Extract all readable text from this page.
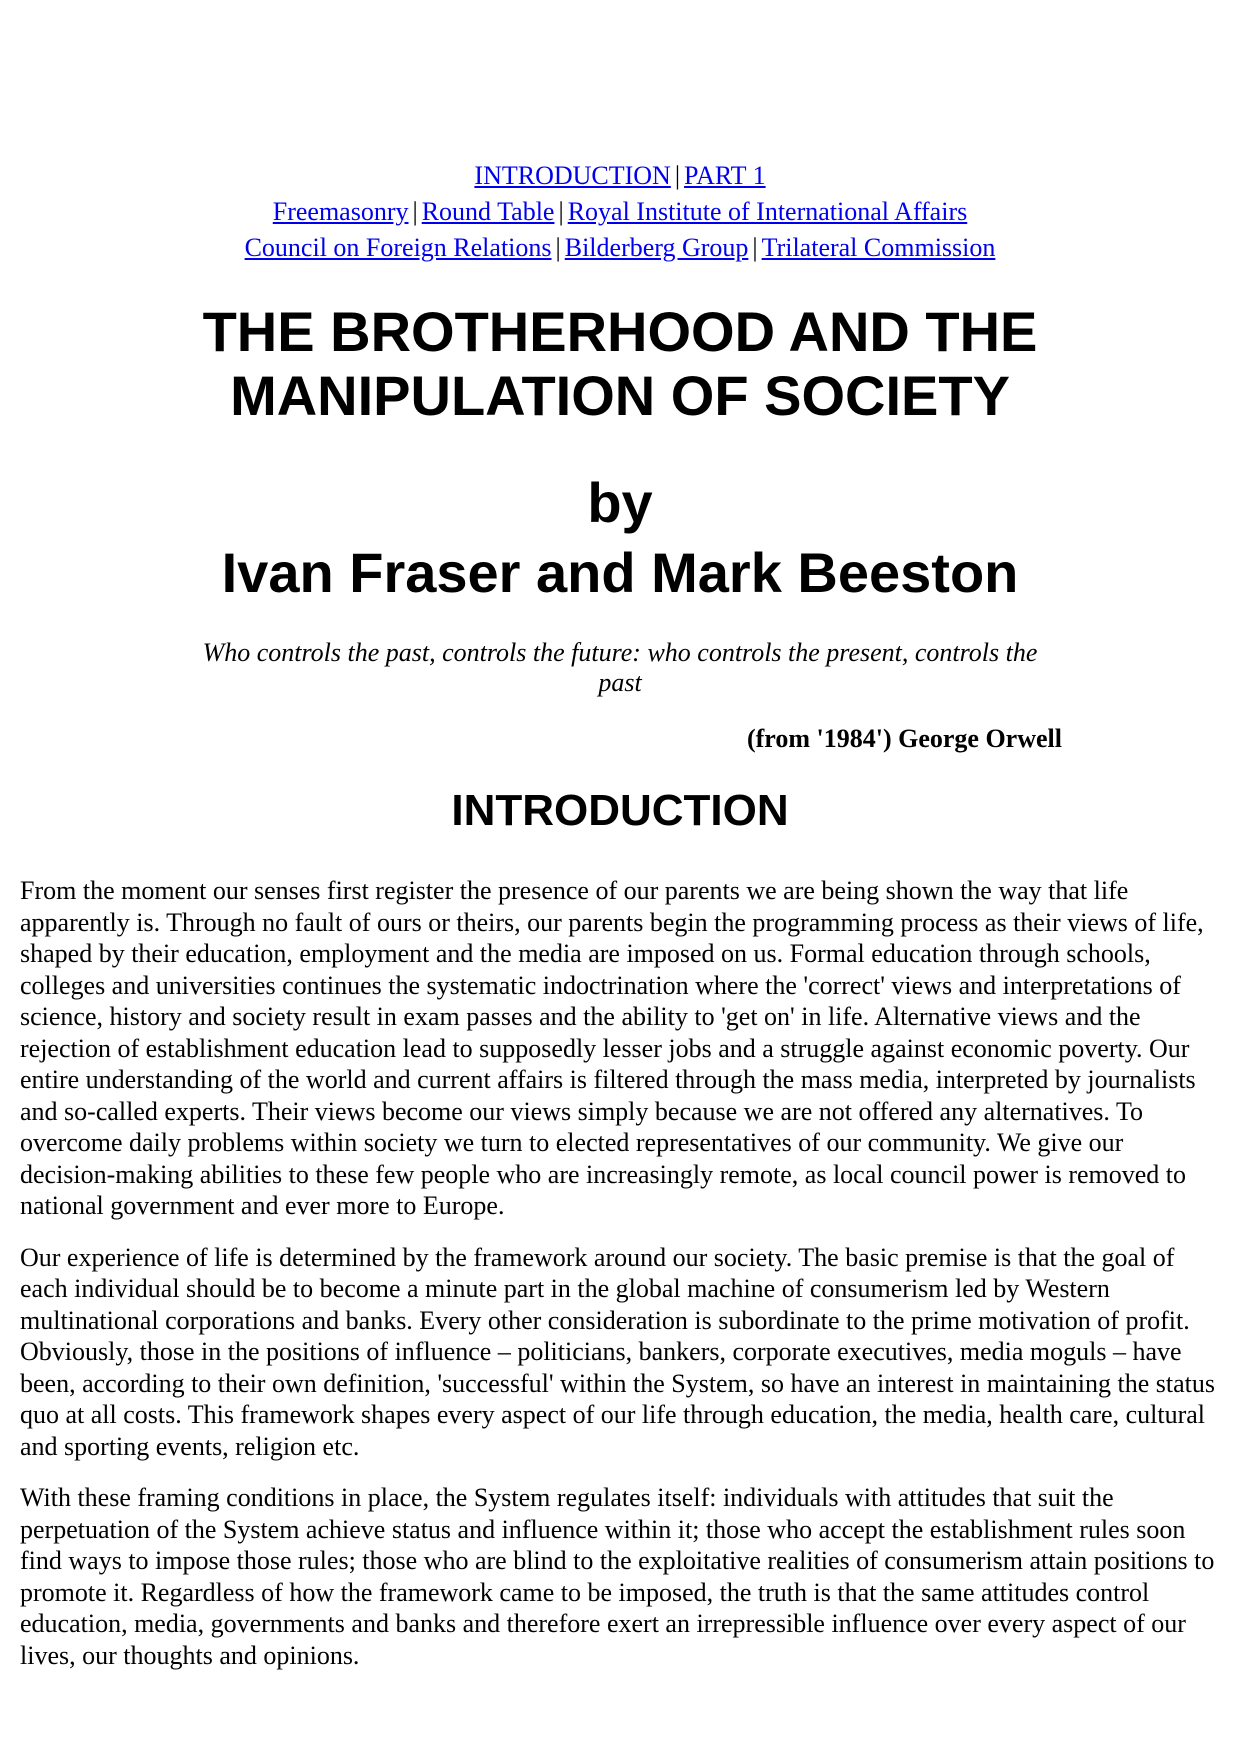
INTRODUCTION | PART 1
Freemasonry | Round Table | Royal Institute of International Affairs
Council on Foreign Relations | Bilderberg Group | Trilateral Commission
THE BROTHERHOOD AND THE
MANIPULATION OF SOCIETY
by
Ivan Fraser and Mark Beeston

Who controls the past, controls the future: who controls the present, controls the past

(from '1984') George Orwell
INTRODUCTION

From the moment our senses first register the presence of our parents we are being shown the way that life apparently is. Through no fault of ours or theirs, our parents begin the programming process as their views of life, shaped by their education, employment and the media are imposed on us. Formal education through schools, colleges and universities continues the systematic indoctrination where the 'correct' views and interpretations of science, history and society result in exam passes and the ability to 'get on' in life. Alternative views and the rejection of establishment education lead to supposedly lesser jobs and a struggle against economic poverty. Our entire understanding of the world and current affairs is filtered through the mass media, interpreted by journalists and so-called experts. Their views become our views simply because we are not offered any alternatives. To overcome daily problems within society we turn to elected representatives of our community. We give our decision-making abilities to these few people who are increasingly remote, as local council power is removed to national government and ever more to Europe.

Our experience of life is determined by the framework around our society. The basic premise is that the goal of each individual should be to become a minute part in the global machine of consumerism led by Western multinational corporations and banks. Every other consideration is subordinate to the prime motivation of profit. Obviously, those in the positions of influence – politicians, bankers, corporate executives, media moguls – have been, according to their own definition, 'successful' within the System, so have an interest in maintaining the status quo at all costs. This framework shapes every aspect of our life through education, the media, health care, cultural and sporting events, religion etc.

With these framing conditions in place, the System regulates itself: individuals with attitudes that suit the perpetuation of the System achieve status and influence within it; those who accept the establishment rules soon find ways to impose those rules; those who are blind to the exploitative realities of consumerism attain positions to promote it. Regardless of how the framework came to be imposed, the truth is that the same attitudes control education, media, governments and banks and therefore exert an irrepressible influence over every aspect of our lives, our thoughts and opinions.
